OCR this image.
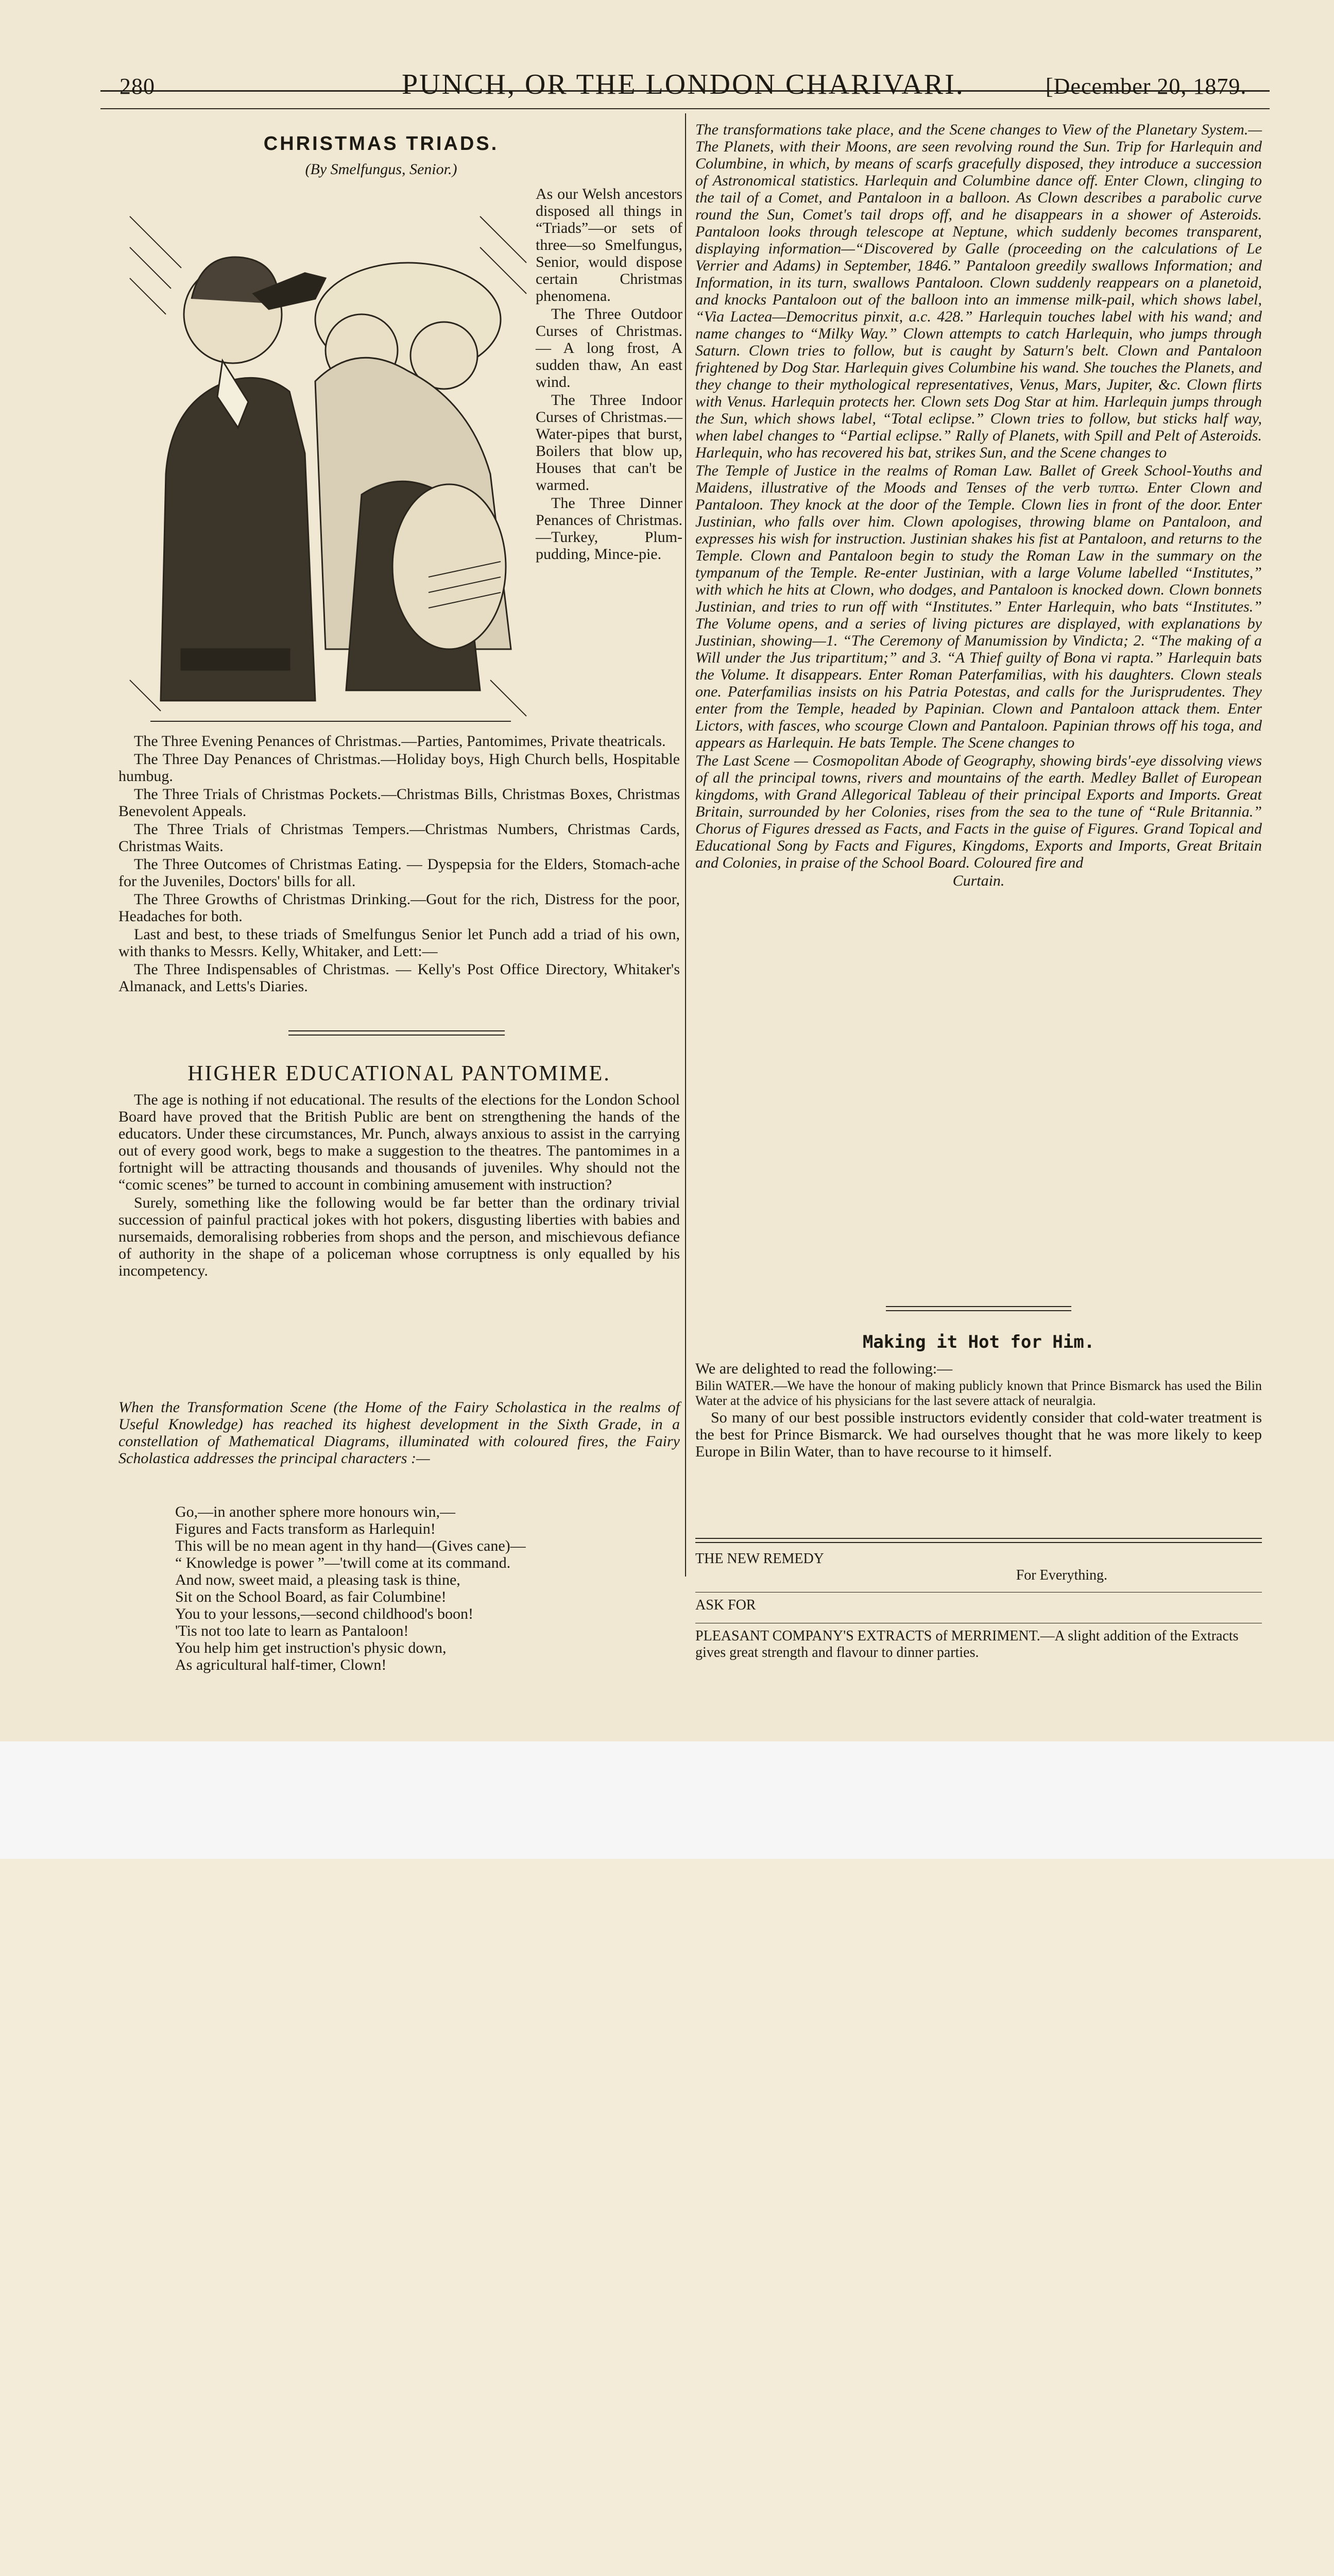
280	PUNCH, OR THE LONDON CHARIVARI.	[December 20, 1879.
CHRISTMAS TRIADS.
(By Smelfungus, Senior.)

As our Welsh ancestors disposed all things in “Triads”—or sets of three—so Smelfungus, Senior, would dispose certain Christmas phenomena.

The Three Outdoor Curses of Christmas. — A long frost, A sudden thaw, An east wind.

The Three Indoor Curses of Christmas.—Water-pipes that burst, Boilers that blow up, Houses that can't be warmed.

The Three Dinner Penances of Christmas.—Turkey, Plum-pudding, Mince-pie.

The Three Evening Penances of Christmas.—Parties, Pantomimes, Private theatricals.

The Three Day Penances of Christmas.—Holiday boys, High Church bells, Hospitable humbug.

The Three Trials of Christmas Pockets.—Christmas Bills, Christmas Boxes, Christmas Benevolent Appeals.

The Three Trials of Christmas Tempers.—Christmas Numbers, Christmas Cards, Christmas Waits.

The Three Outcomes of Christmas Eating. — Dyspepsia for the Elders, Stomach-ache for the Juveniles, Doctors' bills for all.

The Three Growths of Christmas Drinking.—Gout for the rich, Distress for the poor, Headaches for both.

Last and best, to these triads of Smelfungus Senior let Punch add a triad of his own, with thanks to Messrs. Kelly, Whitaker, and Lett:—

The Three Indispensables of Christmas. — Kelly's Post Office Directory, Whitaker's Almanack, and Letts's Diaries.

HIGHER EDUCATIONAL PANTOMIME.

The age is nothing if not educational. The results of the elections for the London School Board have proved that the British Public are bent on strengthening the hands of the educators. Under these circumstances, Mr. Punch, always anxious to assist in the carrying out of every good work, begs to make a suggestion to the theatres. The pantomimes in a fortnight will be attracting thousands and thousands of juveniles. Why should not the “comic scenes” be turned to account in combining amusement with instruction?

Surely, something like the following would be far better than the ordinary trivial succession of painful practical jokes with hot pokers, disgusting liberties with babies and nursemaids, demoralising robberies from shops and the person, and mischievous defiance of authority in the shape of a policeman whose corruptness is only equalled by his incompetency.

When the Transformation Scene (the Home of the Fairy Scholastica in the realms of Useful Knowledge) has reached its highest development in the Sixth Grade, in a constellation of Mathematical Diagrams, illuminated with coloured fires, the Fairy Scholastica addresses the principal characters :—

Go,—in another sphere more honours win,—
Figures and Facts transform as Harlequin!
This will be no mean agent in thy hand—(Gives cane)—
“ Knowledge is power ”—'twill come at its command.
And now, sweet maid, a pleasing task is thine,
Sit on the School Board, as fair Columbine!
You to your lessons,—second childhood's boon!
'Tis not too late to learn as Pantaloon!
You help him get instruction's physic down,
As agricultural half-timer, Clown!

The transformations take place, and the Scene changes to View of the Planetary System.—The Planets, with their Moons, are seen revolving round the Sun. Trip for Harlequin and Columbine, in which, by means of scarfs gracefully disposed, they introduce a succession of Astronomical statistics. Harlequin and Columbine dance off. Enter Clown, clinging to the tail of a Comet, and Pantaloon in a balloon. As Clown describes a parabolic curve round the Sun, Comet's tail drops off, and he disappears in a shower of Asteroids. Pantaloon looks through telescope at Neptune, which suddenly becomes transparent, displaying information—“Discovered by Galle (proceeding on the calculations of Le Verrier and Adams) in September, 1846.” Pantaloon greedily swallows Information; and Information, in its turn, swallows Pantaloon. Clown suddenly reappears on a planetoid, and knocks Pantaloon out of the balloon into an immense milk-pail, which shows label, “Via Lactea—Democritus pinxit, a.c. 428.” Harlequin touches label with his wand; and name changes to “Milky Way.” Clown attempts to catch Harlequin, who jumps through Saturn. Clown tries to follow, but is caught by Saturn's belt. Clown and Pantaloon frightened by Dog Star. Harlequin gives Columbine his wand. She touches the Planets, and they change to their mythological representatives, Venus, Mars, Jupiter, &c. Clown flirts with Venus. Harlequin protects her. Clown sets Dog Star at him. Harlequin jumps through the Sun, which shows label, “Total eclipse.” Clown tries to follow, but sticks half way, when label changes to “Partial eclipse.” Rally of Planets, with Spill and Pelt of Asteroids. Harlequin, who has recovered his bat, strikes Sun, and the Scene changes to

The Temple of Justice in the realms of Roman Law. Ballet of Greek School-Youths and Maidens, illustrative of the Moods and Tenses of the verb τυπτω. Enter Clown and Pantaloon. They knock at the door of the Temple. Clown lies in front of the door. Enter Justinian, who falls over him. Clown apologises, throwing blame on Pantaloon, and expresses his wish for instruction. Justinian shakes his fist at Pantaloon, and returns to the Temple. Clown and Pantaloon begin to study the Roman Law in the summary on the tympanum of the Temple. Re-enter Justinian, with a large Volume labelled “Institutes,” with which he hits at Clown, who dodges, and Pantaloon is knocked down. Clown bonnets Justinian, and tries to run off with “Institutes.” Enter Harlequin, who bats “Institutes.” The Volume opens, and a series of living pictures are displayed, with explanations by Justinian, showing—1. “The Ceremony of Manumission by Vindicta; 2. “The making of a Will under the Jus tripartitum;” and 3. “A Thief guilty of Bona vi rapta.” Harlequin bats the Volume. It disappears. Enter Roman Paterfamilias, with his daughters. Clown steals one. Paterfamilias insists on his Patria Potestas, and calls for the Jurisprudentes. They enter from the Temple, headed by Papinian. Clown and Pantaloon attack them. Enter Lictors, with fasces, who scourge Clown and Pantaloon. Papinian throws off his toga, and appears as Harlequin. He bats Temple. The Scene changes to

The Last Scene — Cosmopolitan Abode of Geography, showing birds'-eye dissolving views of all the principal towns, rivers and mountains of the earth. Medley Ballet of European kingdoms, with Grand Allegorical Tableau of their principal Exports and Imports. Great Britain, surrounded by her Colonies, rises from the sea to the tune of “Rule Britannia.” Chorus of Figures dressed as Facts, and Facts in the guise of Figures. Grand Topical and Educational Song by Facts and Figures, Kingdoms, Exports and Imports, Great Britain and Colonies, in praise of the School Board. Coloured fire and

Curtain.
Making it Hot for Him.

We are delighted to read the following:—

Bilin WATER.—We have the honour of making publicly known that Prince Bismarck has used the Bilin Water at the advice of his physicians for the last severe attack of neuralgia.

So many of our best possible instructors evidently consider that cold-water treatment is the best for Prince Bismarck. We had ourselves thought that he was more likely to keep Europe in Bilin Water, than to have recourse to it himself.

THE NEW REMEDY
For Everything.
ASK FOR
PLEASANT COMPANY'S EXTRACTS of MERRIMENT.—A slight addition of the Extracts gives great strength and flavour to dinner parties.
